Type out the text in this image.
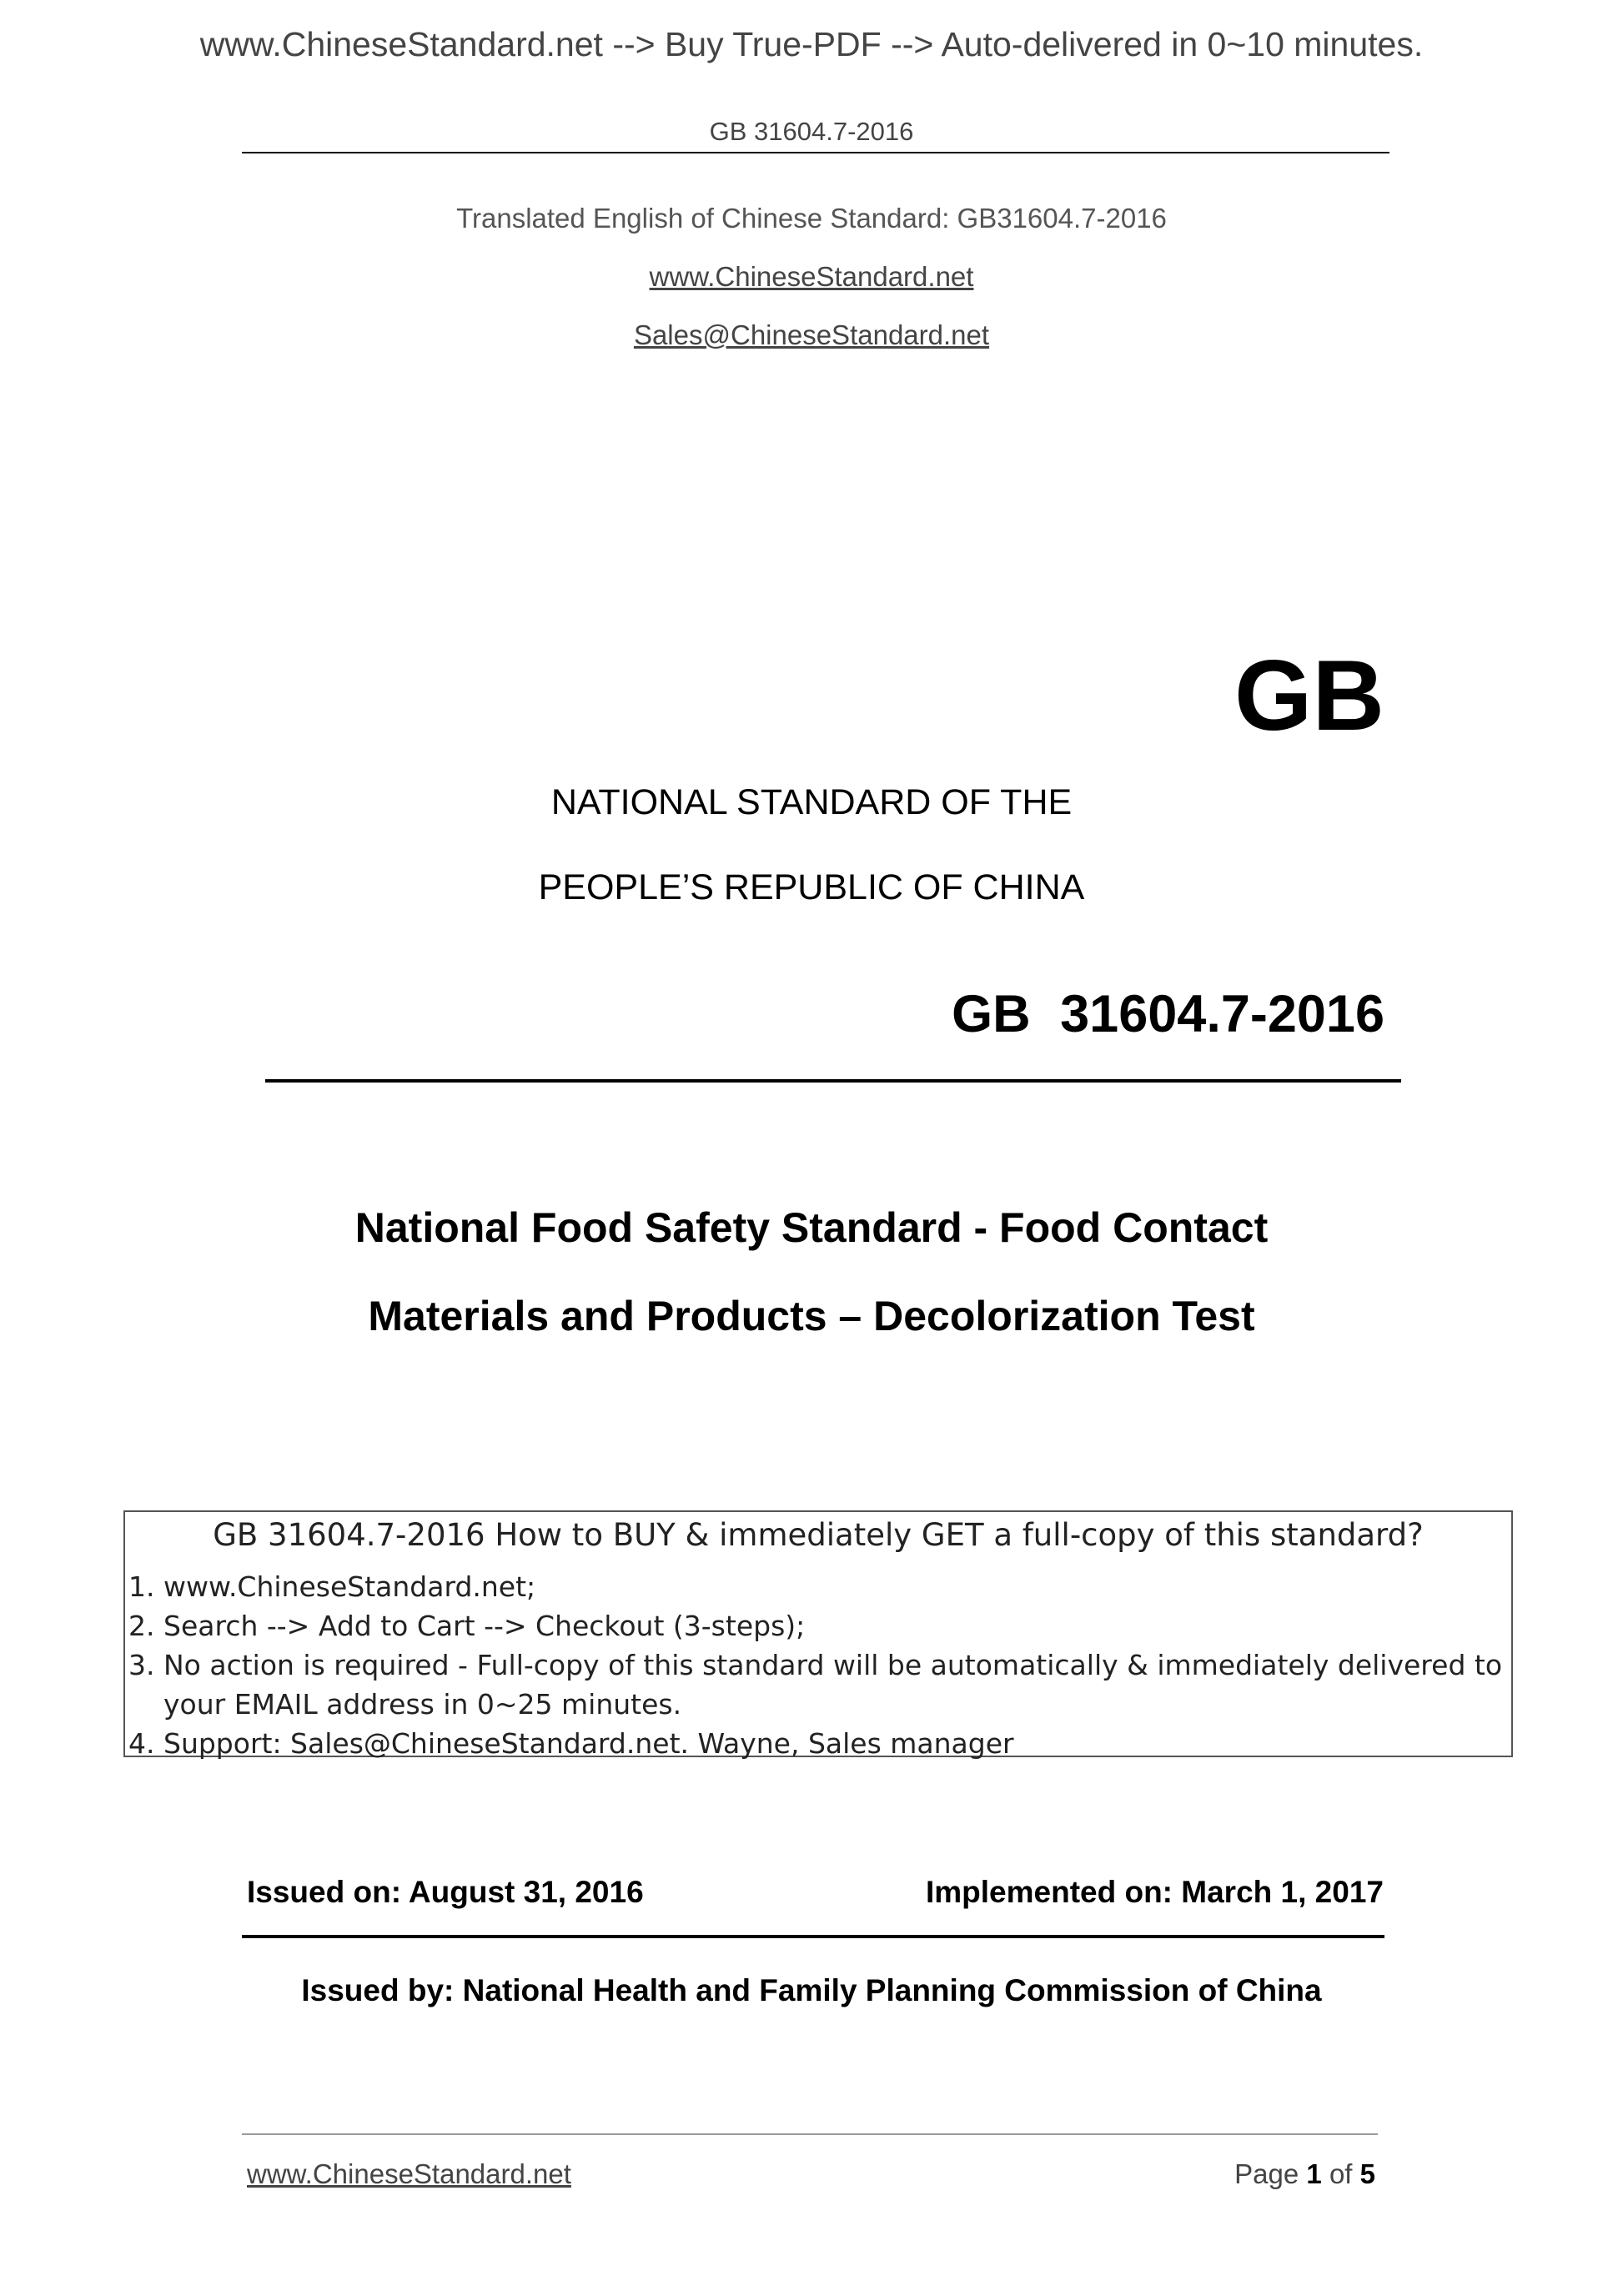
www.ChineseStandard.net --> Buy True-PDF --> Auto-delivered in 0~10 minutes.
GB 31604.7-2016
Translated English of Chinese Standard: GB31604.7-2016
www.ChineseStandard.net
Sales@ChineseStandard.net
GB
NATIONAL STANDARD OF THE
PEOPLE’S REPUBLIC OF CHINA
GB 31604.7-2016
National Food Safety Standard - Food Contact
Materials and Products – Decolorization Test
GB 31604.7-2016 How to BUY & immediately GET a full-copy of this standard?
1. www.ChineseStandard.net;
2. Search --> Add to Cart --> Checkout (3-steps);
3. No action is required - Full-copy of this standard will be automatically & immediately delivered to
your EMAIL address in 0~25 minutes.
4. Support: Sales@ChineseStandard.net. Wayne, Sales manager
Issued on: August 31, 2016	Implemented on: March 1, 2017
Issued by: National Health and Family Planning Commission of China
www.ChineseStandard.net	Page 1 of 5
